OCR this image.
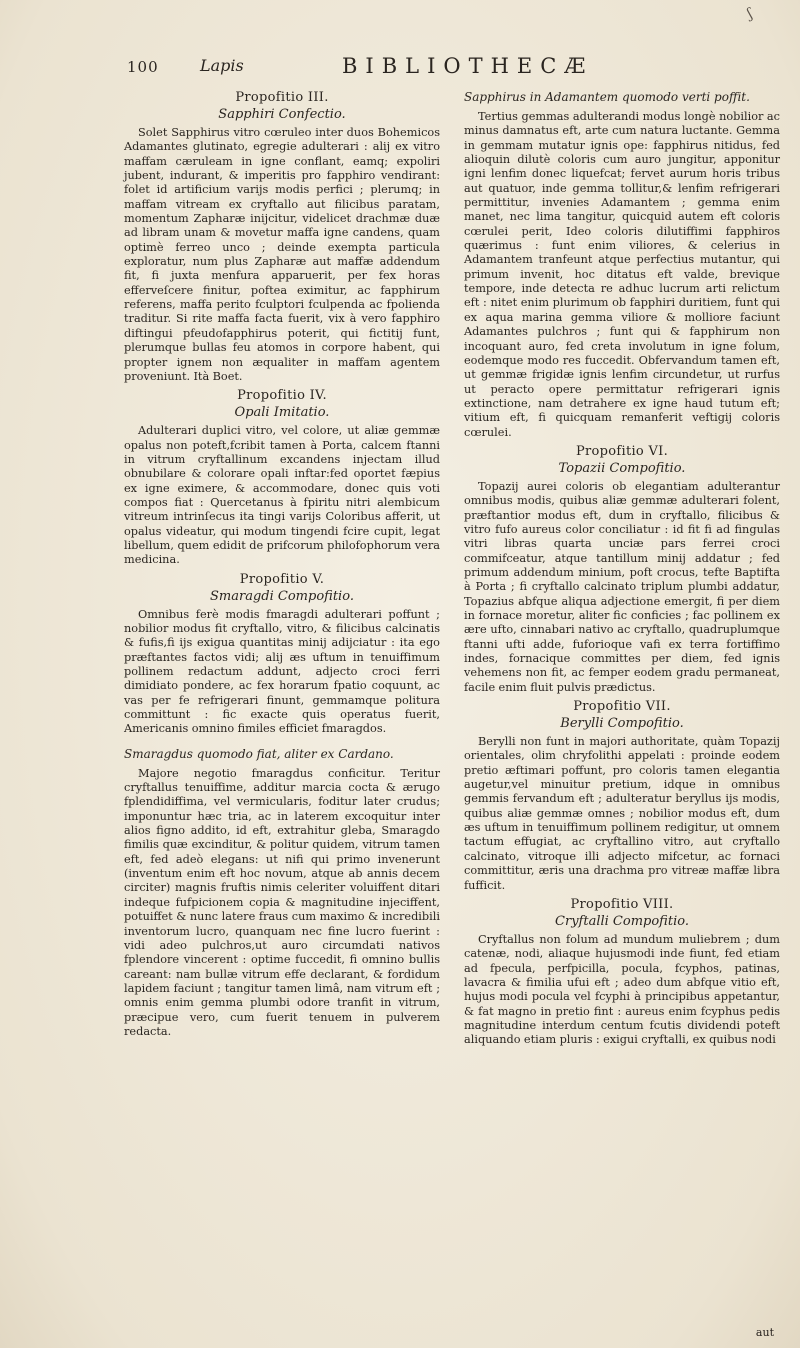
ʃ
100	Lapis	BIBLIOTHECÆ
Propofitio III.
Sapphiri Confectio.

Solet Sapphirus vitro cœruleo inter duos Bohemicos Adamantes glutinato, egregie adulterari : alij ex vitro maffam cæruleam in igne conflant, eamq; expoliri jubent, indurant, & imperitis pro fapphiro vendirant: folet id artificium varijs modis perfici ; plerumq; in maffam vitream ex cryftallo aut filicibus paratam, momentum Zapharæ inijcitur, videlicet drachmæ duæ ad libram unam & movetur maffa igne candens, quam optimè ferreo unco ; deinde exempta particula exploratur, num plus Zapharæ aut maffæ addendum fit, fi juxta menfura apparuerit, per fex horas efferveſcere finitur, poftea eximitur, ac fapphirum referens, maffa perito fculptori fculpenda ac fpolienda traditur. Si rite maffa facta fuerit, vix à vero fapphiro diftingui pfeudofapphirus poterit, qui fictitij funt, plerumque bullas feu atomos in corpore habent, qui propter ignem non æqualiter in maffam agentem proveniunt. Ità Boet.

Propofitio IV.
Opali Imitatio.

Adulterari duplici vitro, vel colore, ut aliæ gemmæ opalus non poteft,fcribit tamen à Porta, calcem ftanni in vitrum cryftallinum excandens injectam illud obnubilare & colorare opali inftar:fed oportet fæpius ex igne eximere, & accommodare, donec quis voti compos fiat : Quercetanus à fpiritu nitri alembicum vitreum intrinſecus ita tingi varijs Coloribus afferit, ut opalus videatur, qui modum tingendi fcire cupit, legat libellum, quem edidit de prifcorum philofophorum vera medicina.

Propofitio V.
Smaragdi Compofitio.

Omnibus ferè modis fmaragdi adulterari poffunt ; nobilior modus fit cryftallo, vitro, & filicibus calcinatis & fufis,fi ijs exigua quantitas minij adijciatur : ita ego præftantes factos vidi; alij æs uftum in tenuiffimum pollinem redactum addunt, adjecto croci ferri dimidiato pondere, ac fex horarum fpatio coquunt, ac vas per fe refrigerari finunt, gemmamque politura committunt : fic exacte quis operatus fuerit, Americanis omnino fimiles efficiet fmaragdos.

Smaragdus quomodo fiat, aliter ex Cardano.

Majore negotio fmaragdus conficitur. Teritur cryftallus tenuiffime, additur marcia cocta & ærugo fplendidiffima, vel vermicularis, foditur later crudus; imponuntur hæc tria, ac in laterem excoquitur inter alios figno addito, id eft, extrahitur gleba, Smaragdo fimilis quæ excinditur, & politur quidem, vitrum tamen eft, fed adeò elegans: ut nifi qui primo invenerunt (inventum enim eft hoc novum, atque ab annis decem circiter) magnis fruftis nimis celeriter voluiffent ditari indeque fufpicionem copia & magnitudine injeciffent, potuiffet & nunc latere fraus cum maximo & incredibili inventorum lucro, quanquam nec fine lucro fuerint : vidi adeo pulchros,ut auro circumdati nativos fplendore vincerent : optime fuccedit, fi omnino bullis careant: nam bullæ vitrum effe declarant, & fordidum lapidem faciunt ; tangitur tamen limâ, nam vitrum eft ; omnis enim gemma plumbi odore tranfit in vitrum, præcipue vero, cum fuerit tenuem in pulverem redacta.

Sapphirus in Adamantem quomodo verti poffit.

Tertius gemmas adulterandi modus longè nobilior ac minus damnatus eft, arte cum natura luctante. Gemma in gemmam mutatur ignis ope: fapphirus nitidus, fed alioquin dilutè coloris cum auro jungitur, apponitur igni lenfim donec liquefcat; fervet aurum horis tribus aut quatuor, inde gemma tollitur,& lenfim refrigerari permittitur, invenies Adamantem ; gemma enim manet, nec lima tangitur, quicquid autem eft coloris cœrulei perit, Ideo coloris dilutiffimi fapphiros quærimus : funt enim viliores, & celerius in Adamantem tranfeunt atque perfectius mutantur, qui primum invenit, hoc ditatus eft valde, brevique tempore, inde detecta re adhuc lucrum arti relictum eft : nitet enim plurimum ob fapphiri duritiem, funt qui ex aqua marina gemma viliore & molliore faciunt Adamantes pulchros ; funt qui & fapphirum non incoquant auro, fed creta involutum in igne folum, eodemque modo res fuccedit. Obfervandum tamen eft, ut gemmæ frigidæ ignis lenfim circundetur, ut rurfus ut peracto opere permittatur refrigerari ignis extinctione, nam detrahere ex igne haud tutum eft; vitium eft, fi quicquam remanferit veftigij coloris cœrulei.

Propofitio VI.
Topazii Compofitio.

Topazij aurei coloris ob elegantiam adulterantur omnibus modis, quibus aliæ gemmæ adulterari folent, præftantior modus eft, dum in cryftallo, filicibus & vitro fufo aureus color conciliatur : id fit fi ad fingulas vitri libras quarta unciæ pars ferrei croci commifceatur, atque tantillum minij addatur ; fed primum addendum minium, poft crocus, tefte Baptifta à Porta ; fi cryftallo calcinato triplum plumbi addatur, Topazius abfque aliqua adjectione emergit, fi per diem in fornace moretur, aliter fic conficies ; fac pollinem ex ære ufto, cinnabari nativo ac cryftallo, quadruplumque ftanni ufti adde, fuforioque vafi ex terra fortiffimo indes, fornacique committes per diem, fed ignis vehemens non fit, ac femper eodem gradu permaneat, facile enim fluit pulvis prædictus.

Propofitio VII.
Berylli Compofitio.

Berylli non funt in majori authoritate, quàm Topazij orientales, olim chryfolithi appelati : proinde eodem pretio æftimari poffunt, pro coloris tamen elegantia augetur,vel minuitur pretium, idque in omnibus gemmis fervandum eft ; adulteratur beryllus ijs modis, quibus aliæ gemmæ omnes ; nobilior modus eft, dum æs uftum in tenuiffimum pollinem redigitur, ut omnem tactum effugiat, ac cryftallino vitro, aut cryftallo calcinato, vitroque illi adjecto mifcetur, ac fornaci committitur, æris una drachma pro vitreæ maffæ libra fufficit.

Propofitio VIII.
Cryftalli Compofitio.

Cryftallus non folum ad mundum muliebrem ; dum catenæ, nodi, aliaque hujusmodi inde fiunt, fed etiam ad fpecula, perfpicilla, pocula, fcyphos, patinas, lavacra & fimilia ufui eft ; adeo dum abfque vitio eft, hujus modi pocula vel fcyphi à principibus appetantur, & fat magno in pretio fint : aureus enim fcyphus pedis magnitudine interdum centum fcutis dividendi poteft aliquando etiam pluris : exigui cryftalli, ex quibus nodi

aut
